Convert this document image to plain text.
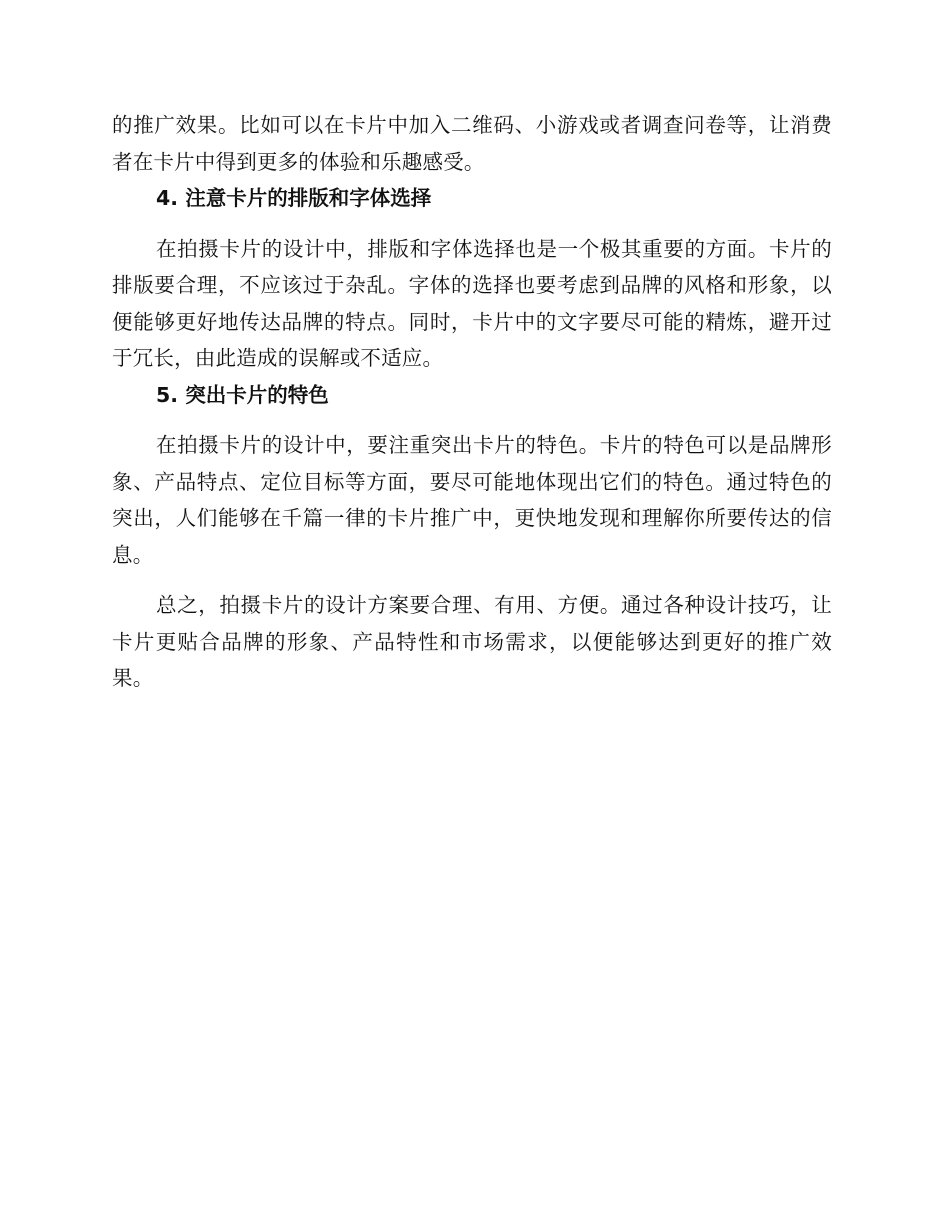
的推广效果。比如可以在卡片中加入二维码、小游戏或者调查问卷等，让消费者在卡片中得到更多的体验和乐趣感受。

4. 注意卡片的排版和字体选择

在拍摄卡片的设计中，排版和字体选择也是一个极其重要的方面。卡片的排版要合理，不应该过于杂乱。字体的选择也要考虑到品牌的风格和形象，以便能够更好地传达品牌的特点。同时，卡片中的文字要尽可能的精炼，避开过于冗长，由此造成的误解或不适应。

5. 突出卡片的特色

在拍摄卡片的设计中，要注重突出卡片的特色。卡片的特色可以是品牌形象、产品特点、定位目标等方面，要尽可能地体现出它们的特色。通过特色的突出，人们能够在千篇一律的卡片推广中，更快地发现和理解你所要传达的信息。

总之，拍摄卡片的设计方案要合理、有用、方便。通过各种设计技巧，让卡片更贴合品牌的形象、产品特性和市场需求，以便能够达到更好的推广效果。
